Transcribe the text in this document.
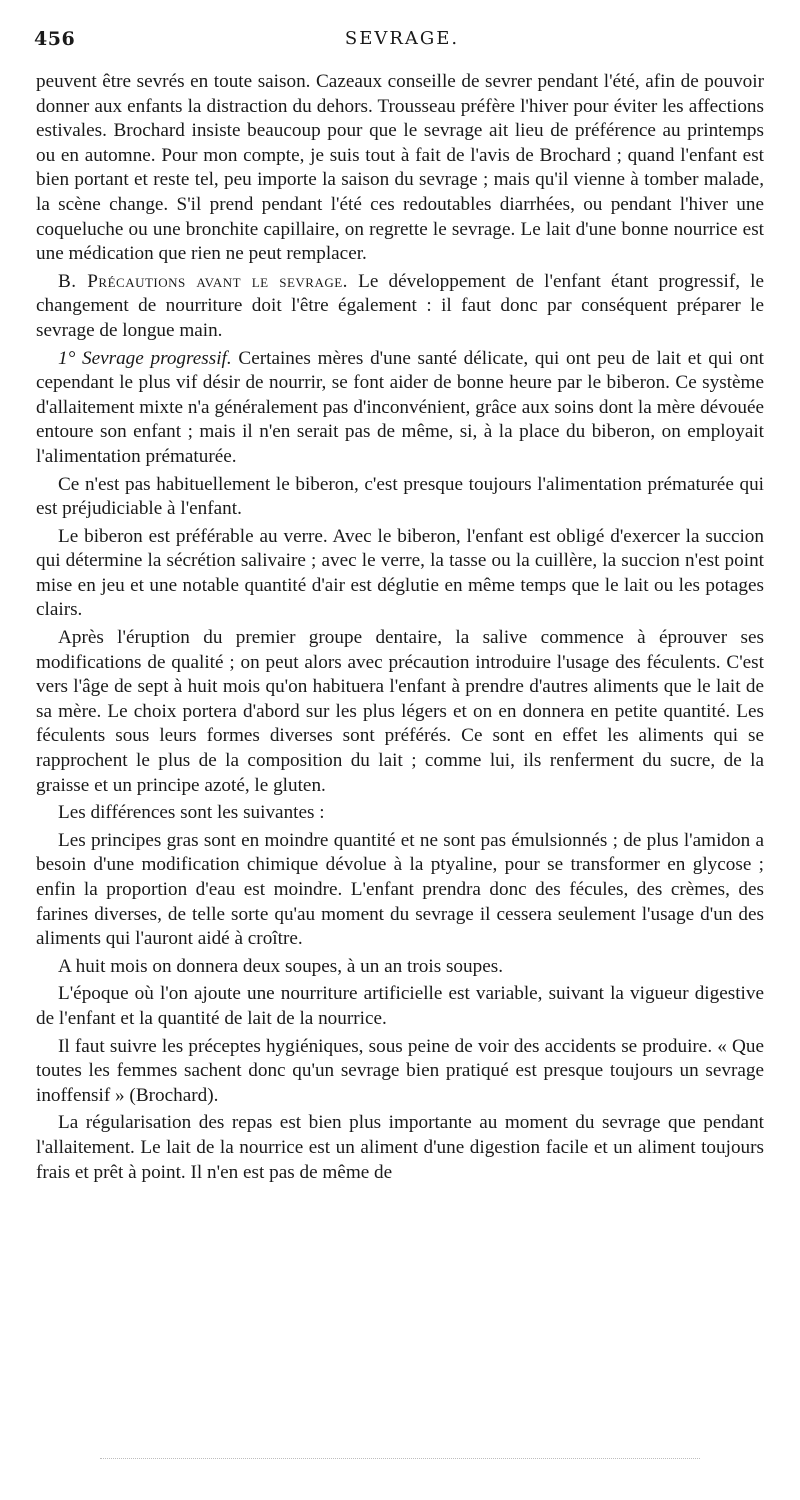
456	SEVRAGE.

peuvent être sevrés en toute saison. Cazeaux conseille de sevrer pendant l'été, afin de pouvoir donner aux enfants la distraction du dehors. Trousseau préfère l'hiver pour éviter les affections estivales. Brochard insiste beaucoup pour que le sevrage ait lieu de préférence au printemps ou en automne. Pour mon compte, je suis tout à fait de l'avis de Brochard ; quand l'enfant est bien portant et reste tel, peu importe la saison du sevrage ; mais qu'il vienne à tomber malade, la scène change. S'il prend pendant l'été ces redoutables diarrhées, ou pendant l'hiver une coqueluche ou une bronchite capillaire, on regrette le sevrage. Le lait d'une bonne nourrice est une médication que rien ne peut remplacer.

B. Précautions avant le sevrage. Le développement de l'enfant étant progressif, le changement de nourriture doit l'être également : il faut donc par conséquent préparer le sevrage de longue main.

1° Sevrage progressif. Certaines mères d'une santé délicate, qui ont peu de lait et qui ont cependant le plus vif désir de nourrir, se font aider de bonne heure par le biberon. Ce système d'allaitement mixte n'a généralement pas d'inconvénient, grâce aux soins dont la mère dévouée entoure son enfant ; mais il n'en serait pas de même, si, à la place du biberon, on employait l'alimentation prématurée.

Ce n'est pas habituellement le biberon, c'est presque toujours l'alimentation prématurée qui est préjudiciable à l'enfant.

Le biberon est préférable au verre. Avec le biberon, l'enfant est obligé d'exercer la succion qui détermine la sécrétion salivaire ; avec le verre, la tasse ou la cuillère, la succion n'est point mise en jeu et une notable quantité d'air est déglutie en même temps que le lait ou les potages clairs.

Après l'éruption du premier groupe dentaire, la salive commence à éprouver ses modifications de qualité ; on peut alors avec précaution introduire l'usage des féculents. C'est vers l'âge de sept à huit mois qu'on habituera l'enfant à prendre d'autres aliments que le lait de sa mère. Le choix portera d'abord sur les plus légers et on en donnera en petite quantité. Les féculents sous leurs formes diverses sont préférés. Ce sont en effet les aliments qui se rapprochent le plus de la composition du lait ; comme lui, ils renferment du sucre, de la graisse et un principe azoté, le gluten.

Les différences sont les suivantes :

Les principes gras sont en moindre quantité et ne sont pas émulsionnés ; de plus l'amidon a besoin d'une modification chimique dévolue à la ptyaline, pour se transformer en glycose ; enfin la proportion d'eau est moindre. L'enfant prendra donc des fécules, des crèmes, des farines diverses, de telle sorte qu'au moment du sevrage il cessera seulement l'usage d'un des aliments qui l'auront aidé à croître.

A huit mois on donnera deux soupes, à un an trois soupes.

L'époque où l'on ajoute une nourriture artificielle est variable, suivant la vigueur digestive de l'enfant et la quantité de lait de la nourrice.

Il faut suivre les préceptes hygiéniques, sous peine de voir des accidents se produire. « Que toutes les femmes sachent donc qu'un sevrage bien pratiqué est presque toujours un sevrage inoffensif » (Brochard).

La régularisation des repas est bien plus importante au moment du sevrage que pendant l'allaitement. Le lait de la nourrice est un aliment d'une digestion facile et un aliment toujours frais et prêt à point. Il n'en est pas de même de
